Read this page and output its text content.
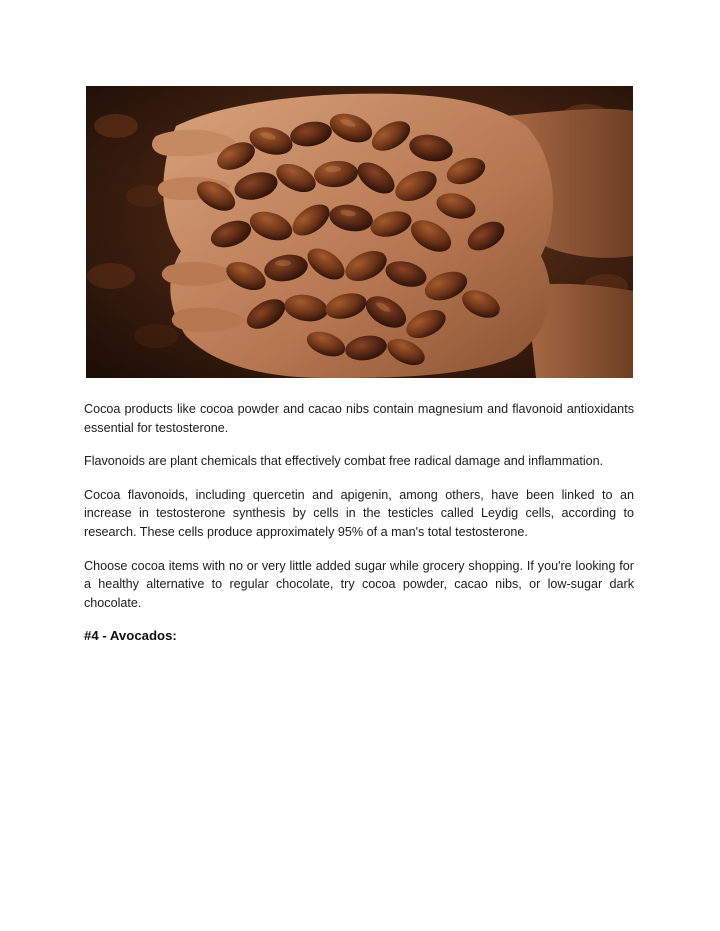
Cocoa products like cocoa powder and cacao nibs contain magnesium and flavonoid antioxidants essential for testosterone.

Flavonoids are plant chemicals that effectively combat free radical damage and inflammation.

Cocoa flavonoids, including quercetin and apigenin, among others, have been linked to an increase in testosterone synthesis by cells in the testicles called Leydig cells, according to research. These cells produce approximately 95% of a man's total testosterone.

Choose cocoa items with no or very little added sugar while grocery shopping. If you're looking for a healthy alternative to regular chocolate, try cocoa powder, cacao nibs, or low-sugar dark chocolate.

#4 - Avocados:
